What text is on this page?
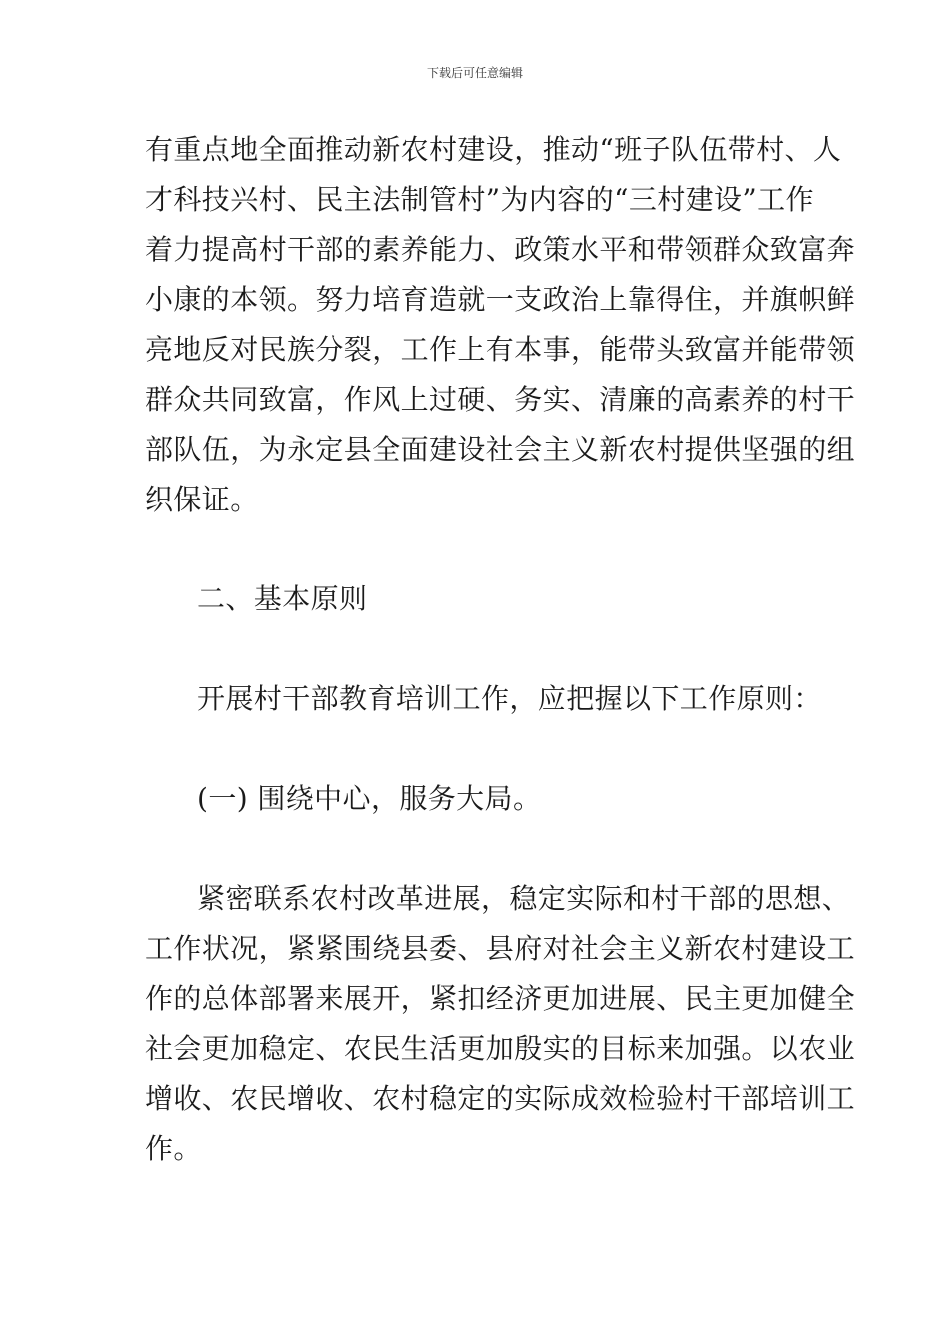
下载后可任意编辑
有重点地全面推动新农村建设，推动“班子队伍带村、人
才科技兴村、民主法制管村”为内容的“三村建设”工作
着力提高村干部的素养能力、政策水平和带领群众致富奔
小康的本领。努力培育造就一支政治上靠得住，并旗帜鲜
亮地反对民族分裂，工作上有本事，能带头致富并能带领
群众共同致富，作风上过硬、务实、清廉的高素养的村干
部队伍，为永定县全面建设社会主义新农村提供坚强的组
织保证。
二、基本原则
开展村干部教育培训工作，应把握以下工作原则：
(一) 围绕中心，服务大局。
紧密联系农村改革进展，稳定实际和村干部的思想、
工作状况，紧紧围绕县委、县府对社会主义新农村建设工
作的总体部署来展开，紧扣经济更加进展、民主更加健全
社会更加稳定、农民生活更加殷实的目标来加强。以农业
增收、农民增收、农村稳定的实际成效检验村干部培训工
作。
